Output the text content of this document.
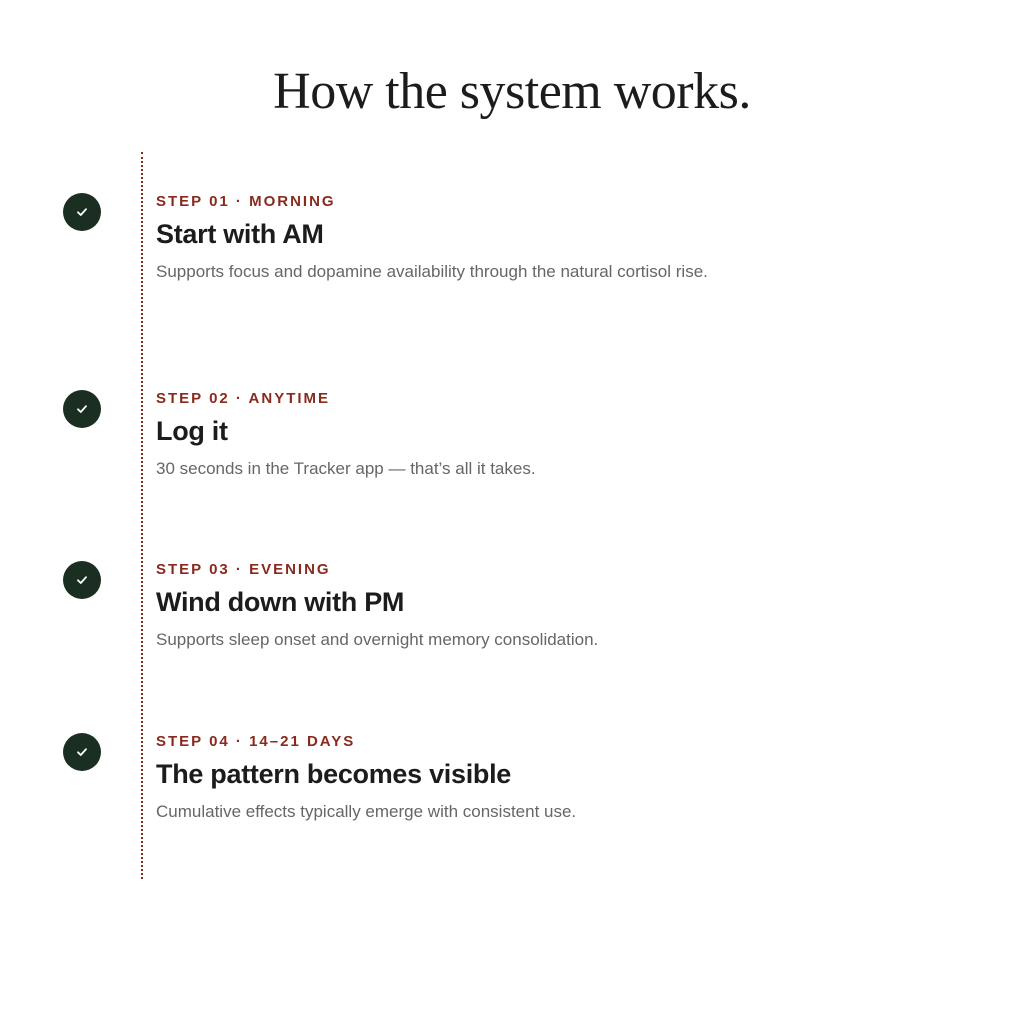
How the system works.
STEP 01 · MORNING
Start with AM
Supports focus and dopamine availability through the natural cortisol rise.
STEP 02 · ANYTIME
Log it
30 seconds in the Tracker app — that’s all it takes.
STEP 03 · EVENING
Wind down with PM
Supports sleep onset and overnight memory consolidation.
STEP 04 · 14–21 DAYS
The pattern becomes visible
Cumulative effects typically emerge with consistent use.
